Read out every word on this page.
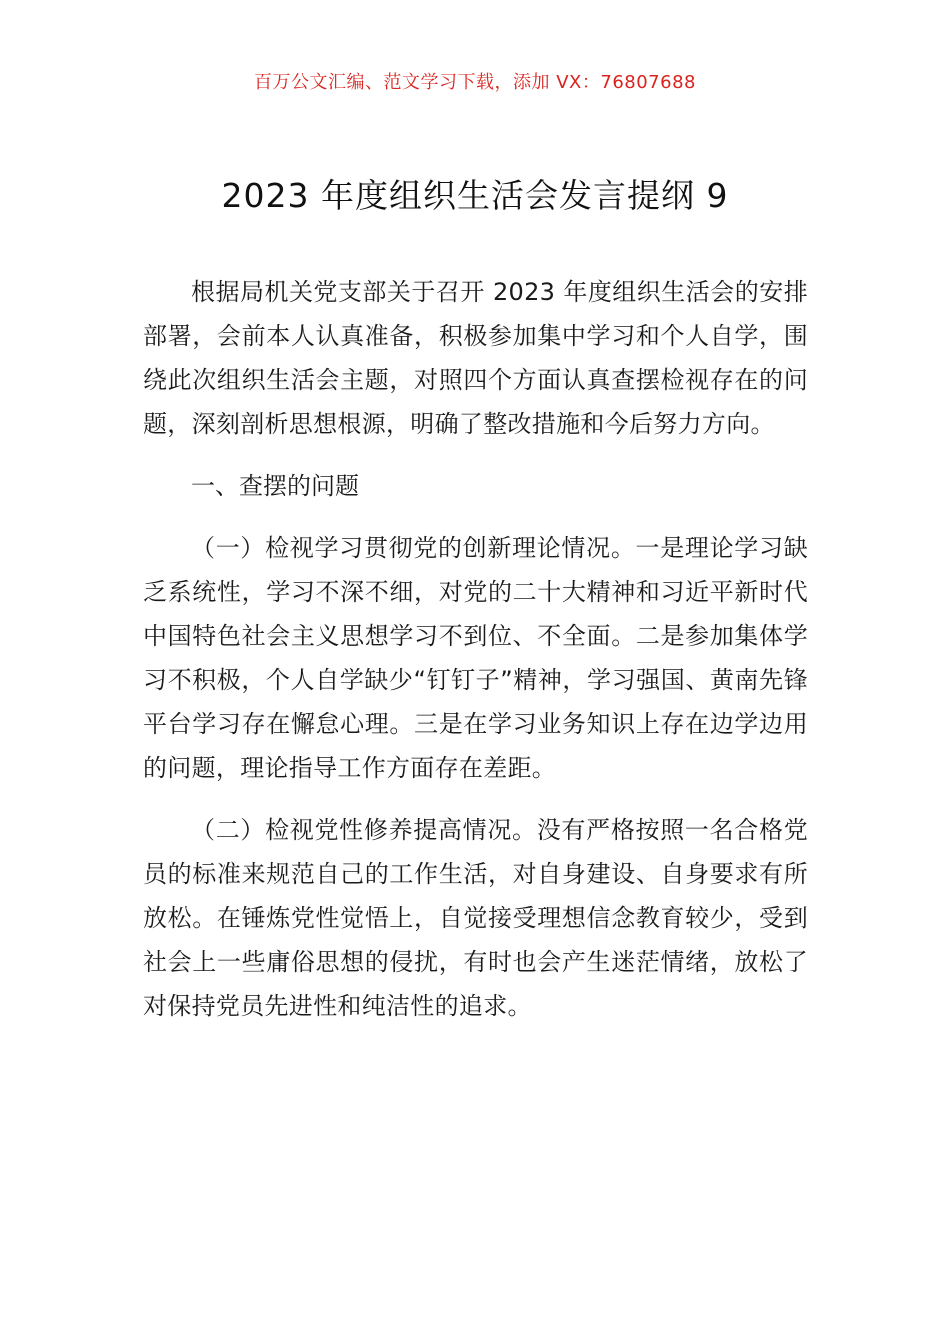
百万公文汇编、范文学习下载，添加 VX：76807688
2023 年度组织生活会发言提纲 9

根据局机关党支部关于召开 2023 年度组织生活会的安排部署，会前本人认真准备，积极参加集中学习和个人自学，围绕此次组织生活会主题，对照四个方面认真查摆检视存在的问题，深刻剖析思想根源，明确了整改措施和今后努力方向。

一、查摆的问题

（一）检视学习贯彻党的创新理论情况。一是理论学习缺乏系统性，学习不深不细，对党的二十大精神和习近平新时代中国特色社会主义思想学习不到位、不全面。二是参加集体学习不积极，个人自学缺少“钉钉子”精神，学习强国、黄南先锋平台学习存在懈怠心理。三是在学习业务知识上存在边学边用的问题，理论指导工作方面存在差距。

（二）检视党性修养提高情况。没有严格按照一名合格党员的标准来规范自己的工作生活，对自身建设、自身要求有所放松。在锤炼党性觉悟上，自觉接受理想信念教育较少，受到社会上一些庸俗思想的侵扰，有时也会产生迷茫情绪，放松了对保持党员先进性和纯洁性的追求。
